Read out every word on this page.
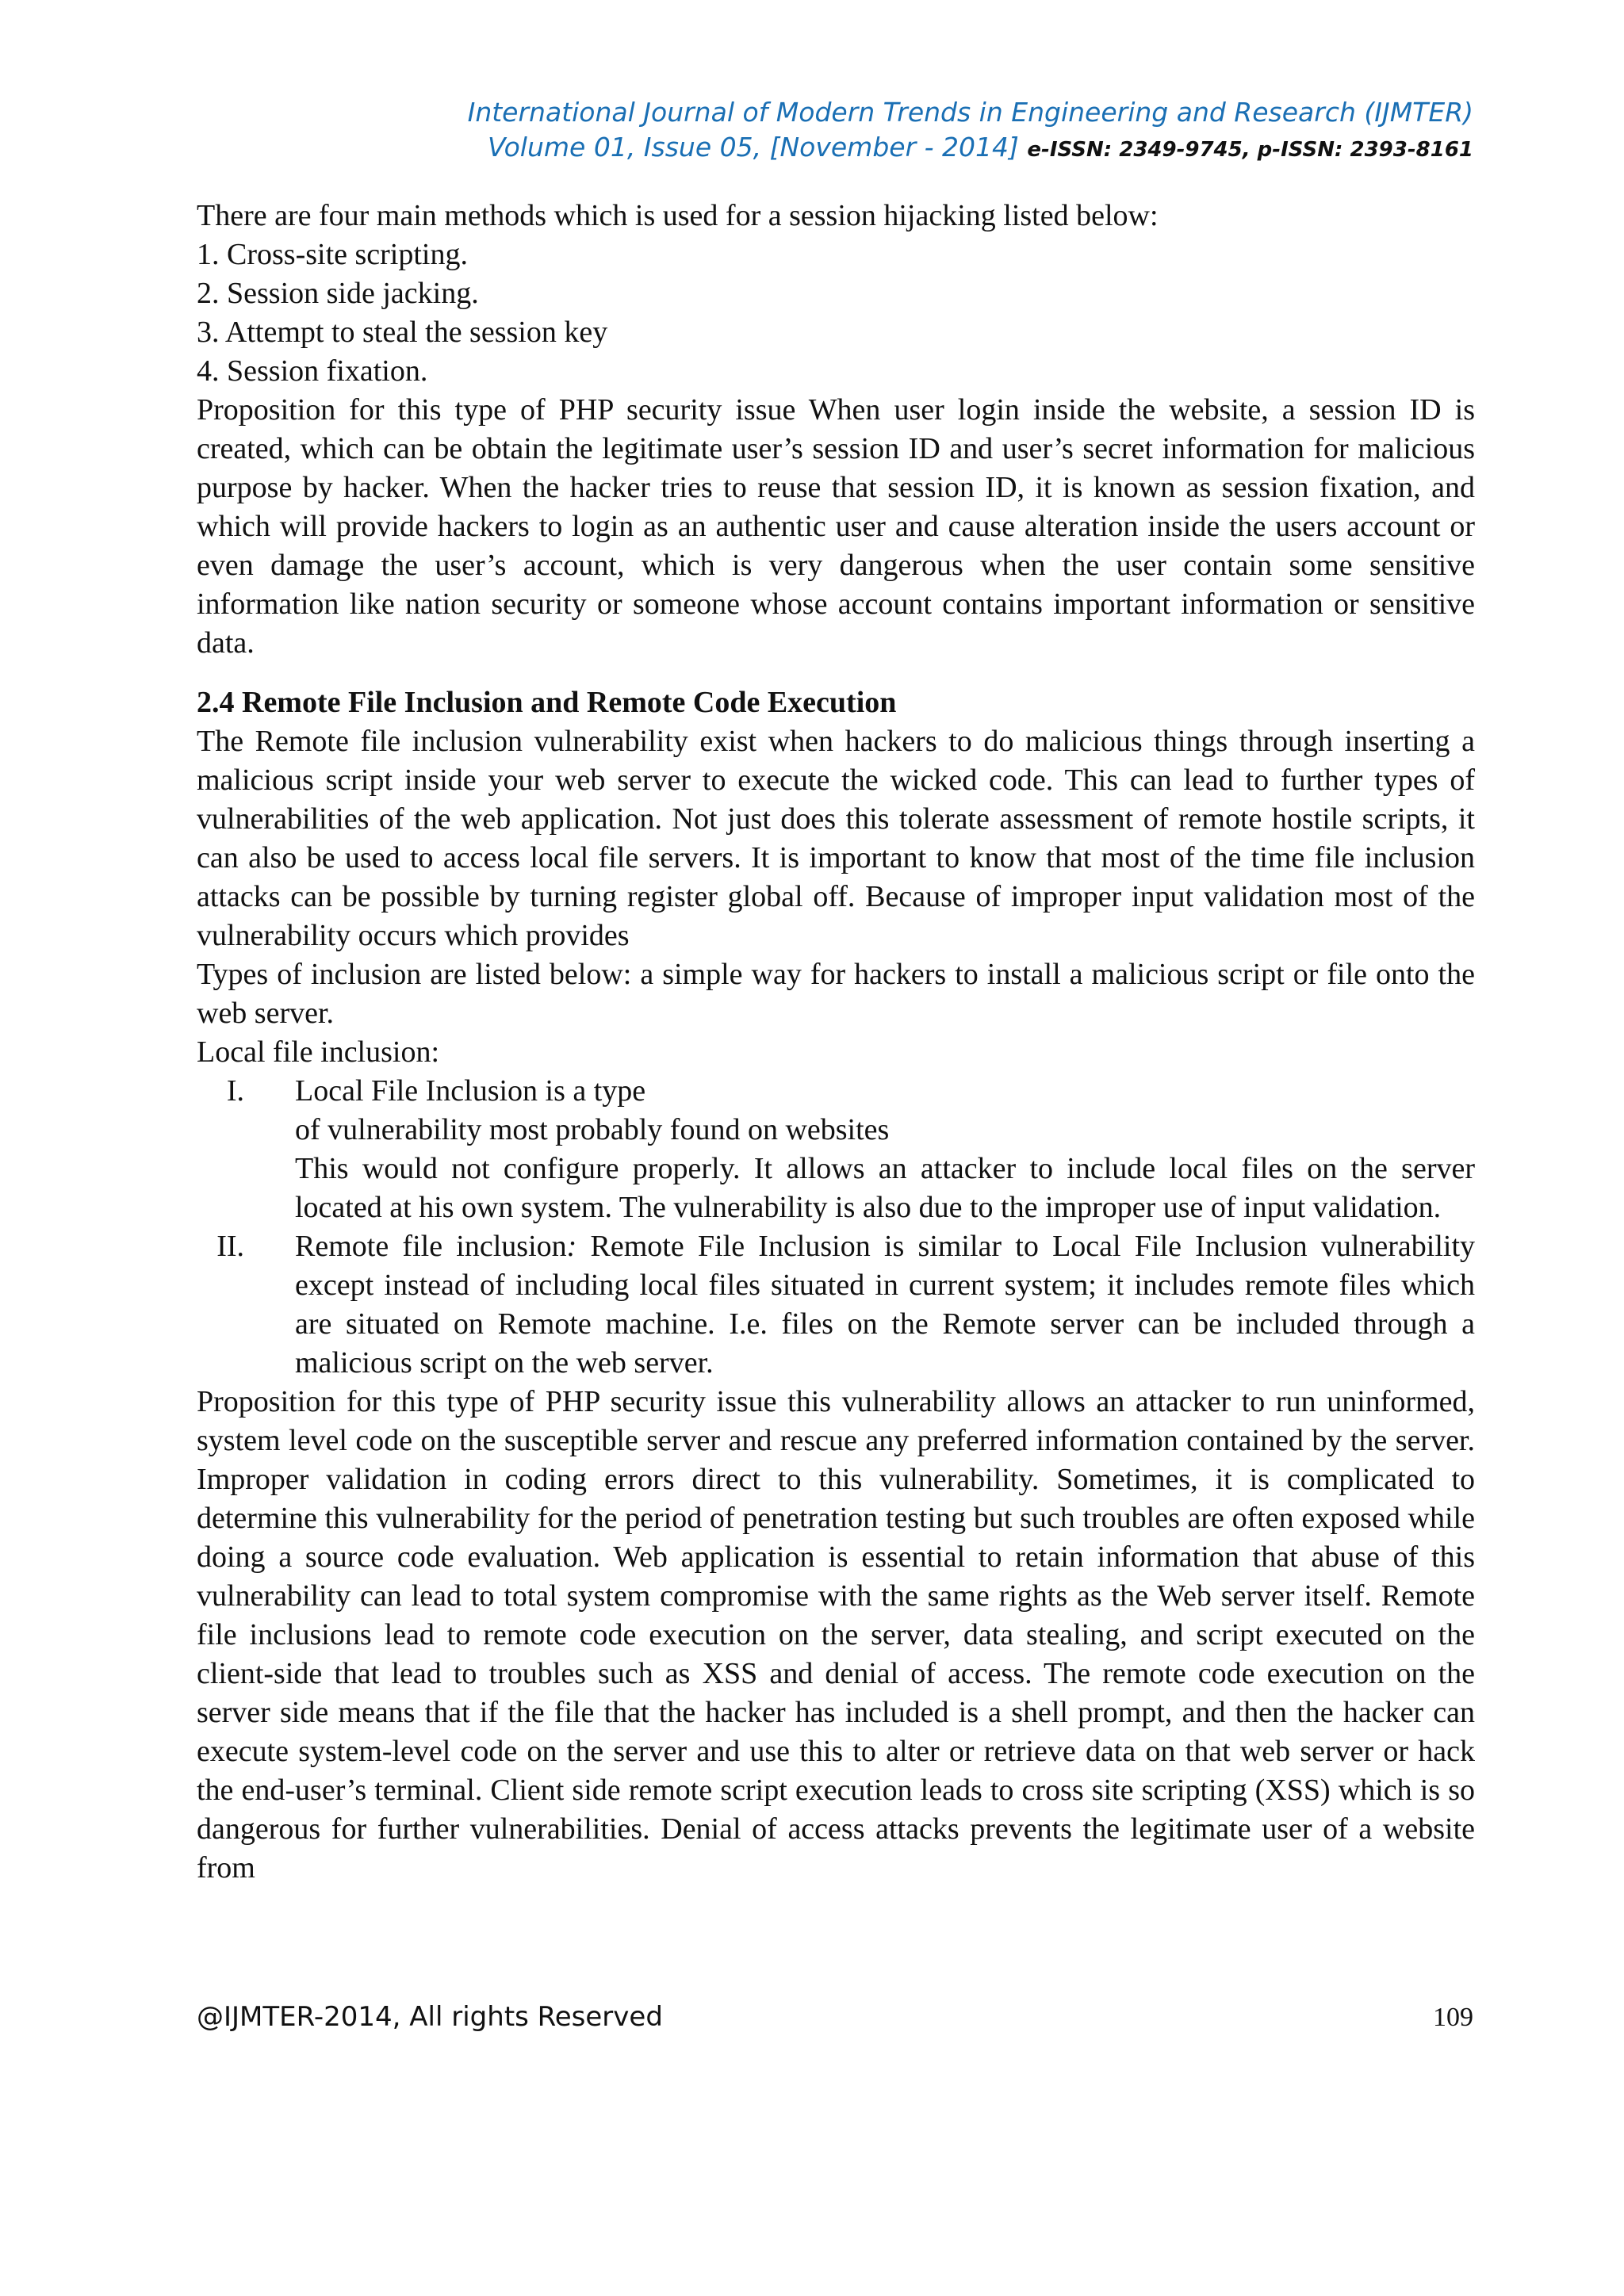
International Journal of Modern Trends in Engineering and Research (IJMTER)
Volume 01, Issue 05, [November - 2014] e-ISSN: 2349-9745, p-ISSN: 2393-8161

There are four main methods which is used for a session hijacking listed below:

1. Cross-site scripting.
2. Session side jacking.
3. Attempt to steal the session key
4. Session fixation.

Proposition for this type of PHP security issue When user login inside the website, a session ID is created, which can be obtain the legitimate user’s session ID and user’s secret information for malicious purpose by hacker. When the hacker tries to reuse that session ID, it is known as session fixation, and which will provide hackers to login as an authentic user and cause alteration inside the users account or even damage the user’s account, which is very dangerous when the user contain some sensitive information like nation security or someone whose account contains important information or sensitive data.

2.4 Remote File Inclusion and Remote Code Execution

The Remote file inclusion vulnerability exist when hackers to do malicious things through inserting a malicious script inside your web server to execute the wicked code. This can lead to further types of vulnerabilities of the web application. Not just does this tolerate assessment of remote hostile scripts, it can also be used to access local file servers. It is important to know that most of the time file inclusion attacks can be possible by turning register global off. Because of improper input validation most of the vulnerability occurs which provides

Types of inclusion are listed below: a simple way for hackers to install a malicious script or file onto the web server.

Local file inclusion:

I. Local File Inclusion is a type

of vulnerability most probably found on websites

This would not configure properly. It allows an attacker to include local files on the server located at his own system. The vulnerability is also due to the improper use of input validation.

II. Remote file inclusion: Remote File Inclusion is similar to Local File Inclusion vulnerability except instead of including local files situated in current system; it includes remote files which are situated on Remote machine. I.e. files on the Remote server can be included through a malicious script on the web server.

Proposition for this type of PHP security issue this vulnerability allows an attacker to run uninformed, system level code on the susceptible server and rescue any preferred information contained by the server. Improper validation in coding errors direct to this vulnerability. Sometimes, it is complicated to determine this vulnerability for the period of penetration testing but such troubles are often exposed while doing a source code evaluation. Web application is essential to retain information that abuse of this vulnerability can lead to total system compromise with the same rights as the Web server itself. Remote file inclusions lead to remote code execution on the server, data stealing, and script executed on the client-side that lead to troubles such as XSS and denial of access. The remote code execution on the server side means that if the file that the hacker has included is a shell prompt, and then the hacker can execute system-level code on the server and use this to alter or retrieve data on that web server or hack the end-user’s terminal. Client side remote script execution leads to cross site scripting (XSS) which is so dangerous for further vulnerabilities. Denial of access attacks prevents the legitimate user of a website from

@IJMTER-2014, All rights Reserved	109
